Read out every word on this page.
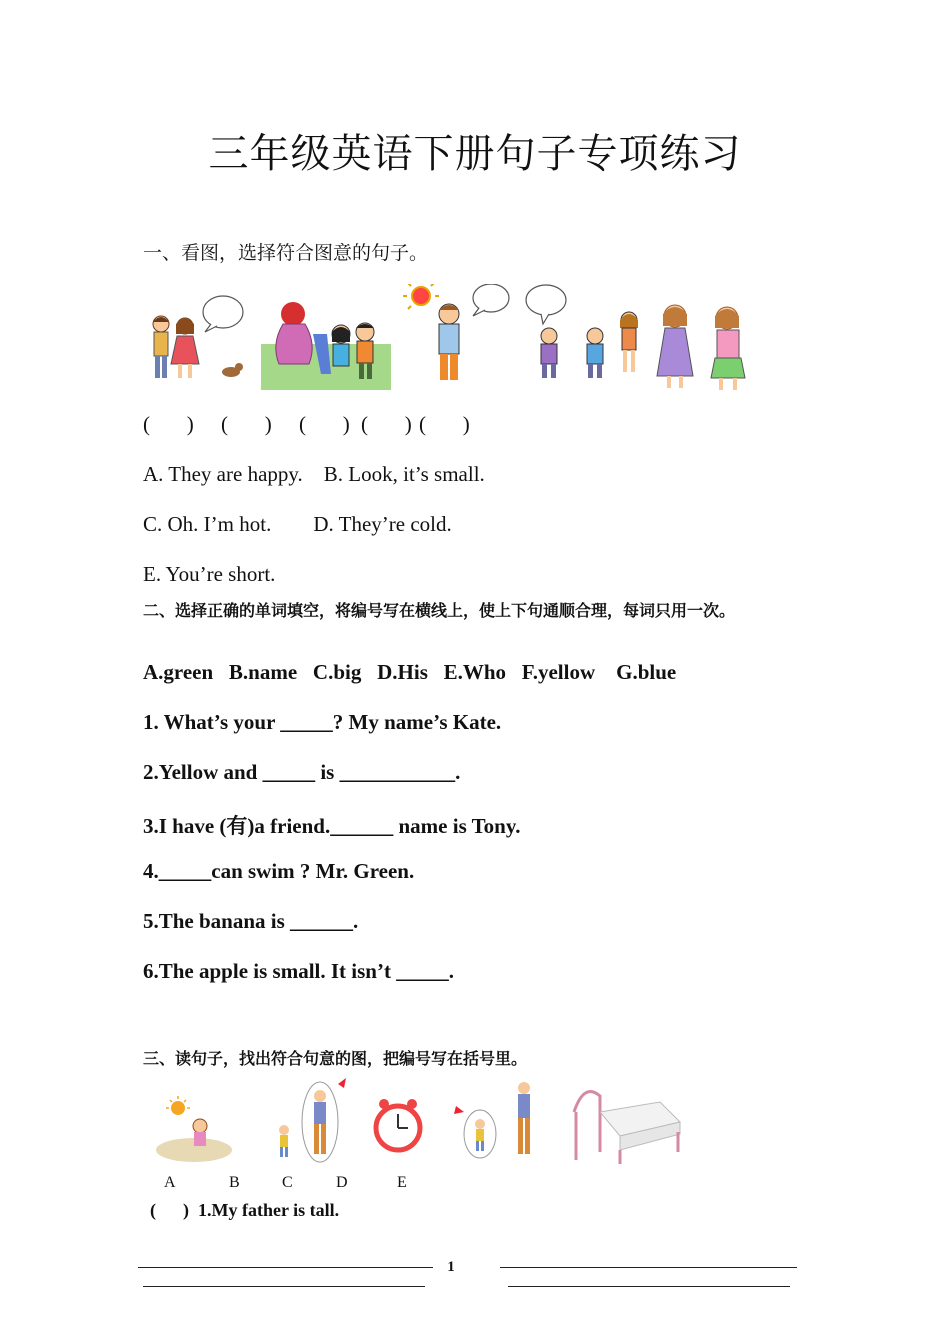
三年级英语下册句子专项练习
一、看图，选择符合图意的句子。
(       ) (       ) (       ) (       ) (       )
A. They are happy.    B. Look, it’s small.
C. Oh. I’m hot.        D. They’re cold.
E. You’re short.
二、选择正确的单词填空，将编号写在横线上，使上下句通顺合理，每词只用一次。
A.green   B.name   C.big   D.His   E.Who   F.yellow    G.blue
1. What’s your _____? My name’s Kate.
2.Yellow and _____ is ___________.
3.I have (有)a friend.______ name is Tony.
4._____can swim ? Mr. Green.
5.The banana is ______.
6.The apple is small. It isn’t _____.
三、读句子，找出符合句意的图，把编号写在括号里。
A	B	C	D	E
(      )  1.My father is tall.
1
